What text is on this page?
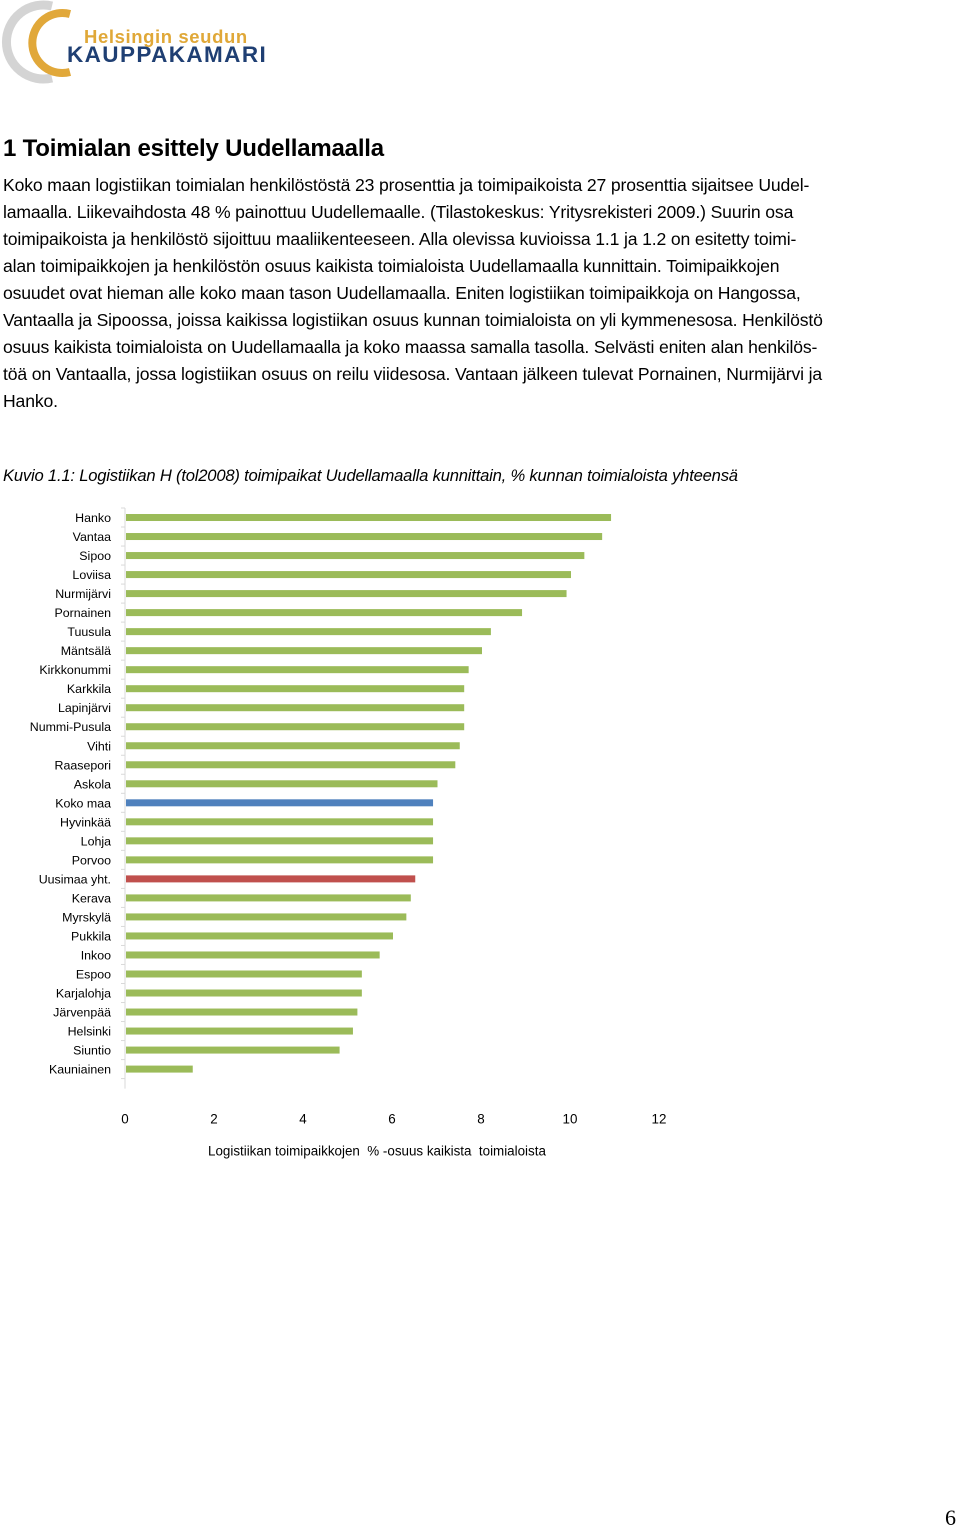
Helsingin seudun
KAUPPAKAMARI
1 Toimialan esittely Uudellamaalla

Koko maan logistiikan toimialan henkilöstöstä 23 prosenttia ja toimipaikoista 27 prosenttia sijaitsee Uudel-
lamaalla. Liikevaihdosta 48 % painottuu Uudellemaalle. (Tilastokeskus: Yritysrekisteri 2009.) Suurin osa
toimipaikoista ja henkilöstö sijoittuu maaliikenteeseen. Alla olevissa kuvioissa 1.1 ja 1.2 on esitetty toimi-
alan toimipaikkojen ja henkilöstön osuus kaikista toimialoista Uudellamaalla kunnittain. Toimipaikkojen
osuudet ovat hieman alle koko maan tason Uudellamaalla. Eniten logistiikan toimipaikkoja on Hangossa,
Vantaalla ja Sipoossa, joissa kaikissa logistiikan osuus kunnan toimialoista on yli kymmenesosa. Henkilöstö
osuus kaikista toimialoista on Uudellamaalla ja koko maassa samalla tasolla. Selvästi eniten alan henkilös-
töä on Vantaalla, jossa logistiikan osuus on reilu viidesosa. Vantaan jälkeen tulevat Pornainen, Nurmijärvi ja
Hanko.

Kuvio 1.1: Logistiikan H (tol2008) toimipaikat Uudellamaalla kunnittain, % kunnan toimialoista yhteensä

Hanko
Vantaa
Sipoo
Loviisa
Nurmijärvi
Pornainen
Tuusula
Mäntsälä
Kirkkonummi
Karkkila
Lapinjärvi
Nummi-Pusula
Vihti
Raasepori
Askola
Koko maa
Hyvinkää
Lohja
Porvoo
Uusimaa yht.
Kerava
Myrskylä
Pukkila
Inkoo
Espoo
Karjalohja
Järvenpää
Helsinki
Siuntio
Kauniainen
0	2	4	6	8	10	12
Logistiikan toimipaikkojen  % -osuus kaikista  toimialoista
6
